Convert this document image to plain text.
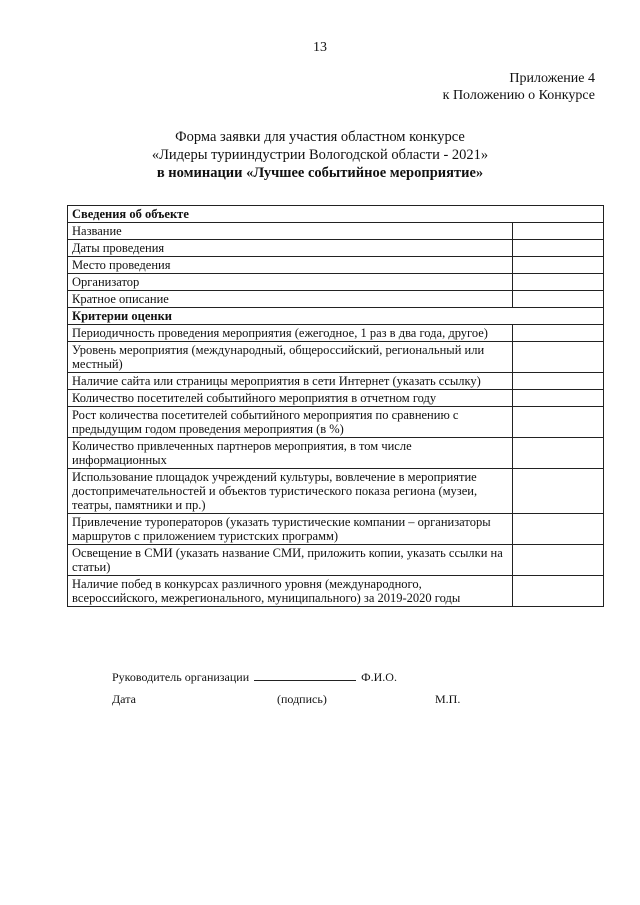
13
Приложение 4
к Положению о Конкурсе
Форма заявки для участия областном конкурсе
«Лидеры турииндустрии Вологодской области - 2021»
в номинации «Лучшее событийное мероприятие»
Сведения об объекте	
Название	
Даты проведения	
Место проведения	
Организатор	
Кратное описание	
Критерии оценки	
Периодичность проведения мероприятия (ежегодное, 1 раз в два года, другое)	
Уровень мероприятия (международный, общероссийский, региональный или местный)	
Наличие сайта или страницы мероприятия в сети Интернет (указать ссылку)	
Количество посетителей событийного мероприятия в отчетном году	
Рост количества посетителей событийного мероприятия по сравнению с предыдущим годом проведения мероприятия (в %)	
Количество привлеченных партнеров мероприятия, в том числе информационных	
Использование площадок учреждений культуры, вовлечение в мероприятие достопримечательностей и объектов туристического показа региона (музеи, театры, памятники и пр.)	
Привлечение туроператоров (указать туристические компании – организаторы маршрутов с приложением туристских программ)	
Освещение в СМИ (указать название СМИ, приложить копии, указать ссылки на статьи)	
Наличие побед в конкурсах различного уровня (международного, всероссийского, межрегионального, муниципального) за 2019-2020 годы	
Руководитель организации	Ф.И.О.
Дата	(подпись)	М.П.
